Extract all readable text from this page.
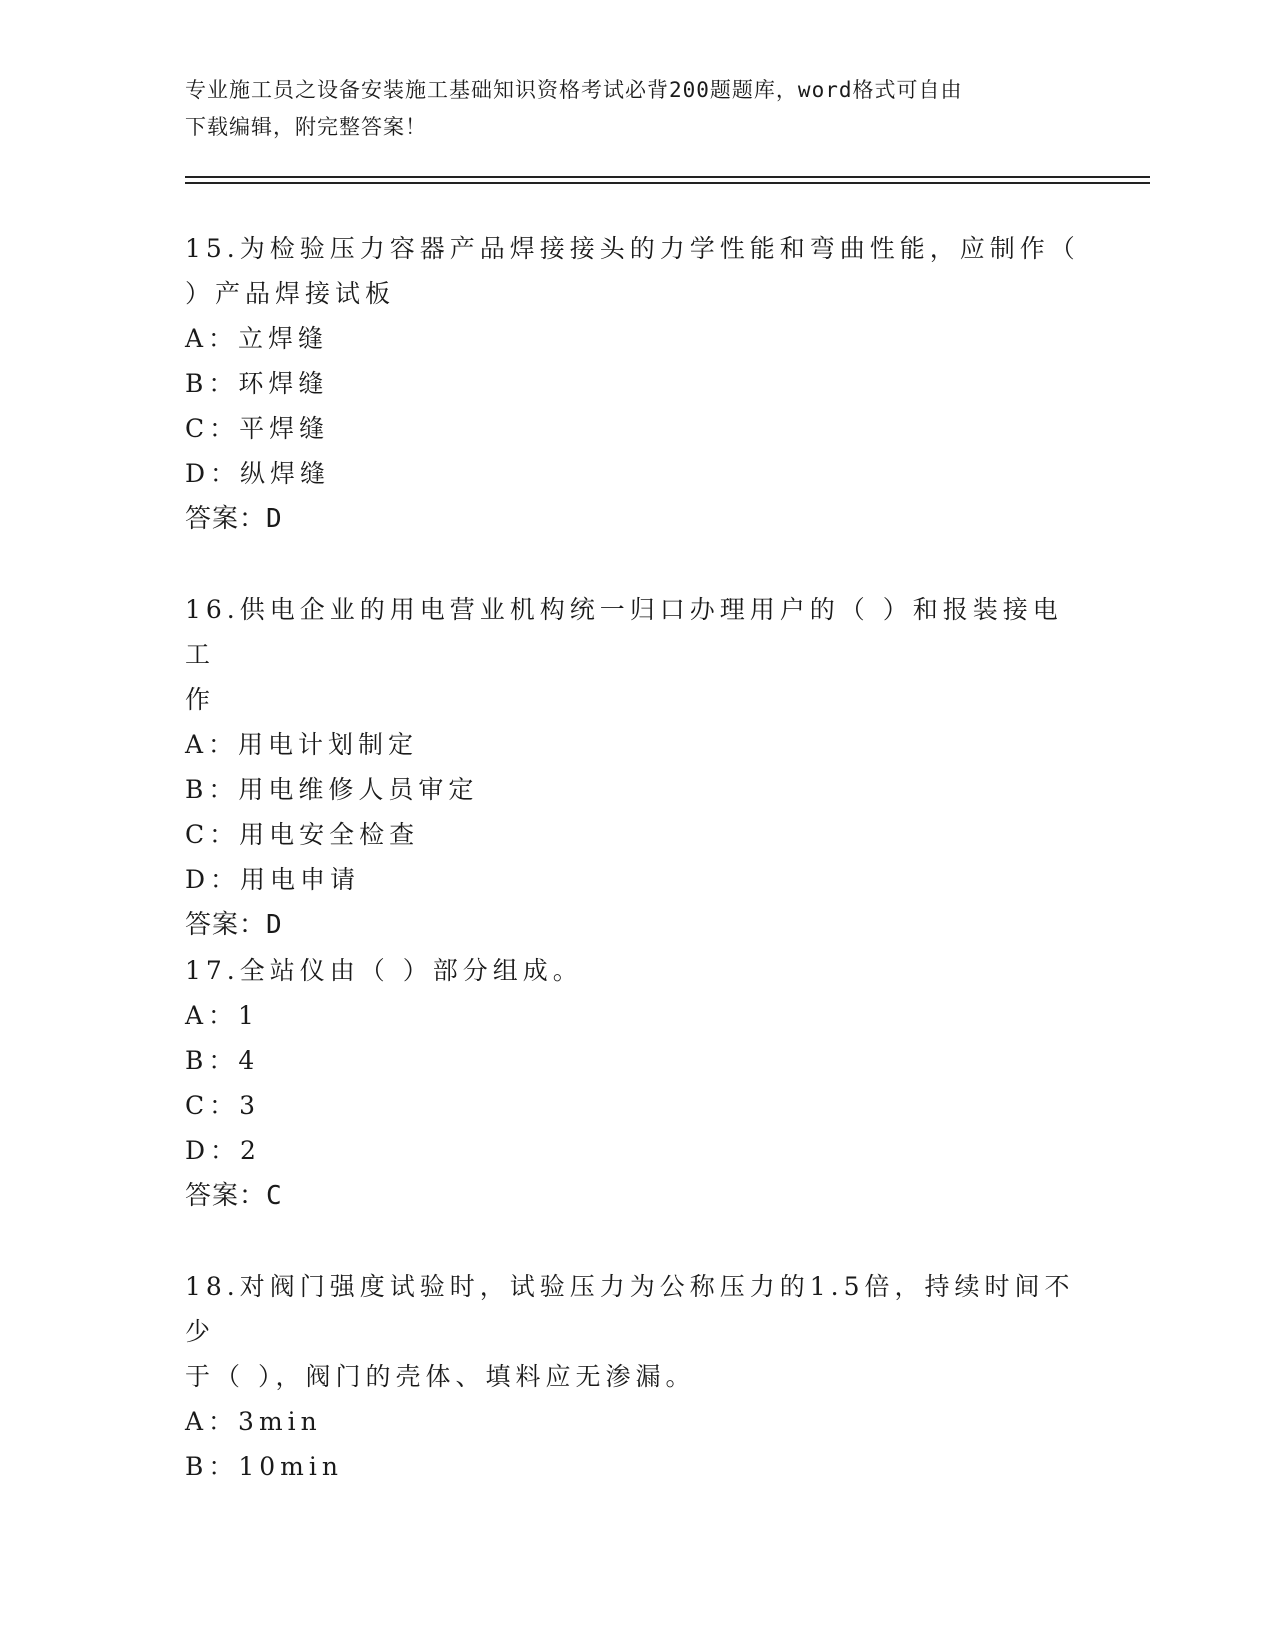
专业施工员之设备安装施工基础知识资格考试必背200题题库，word格式可自由
下载编辑，附完整答案！

15.为检验压力容器产品焊接接头的力学性能和弯曲性能，应制作（

）产品焊接试板

A：立焊缝

B：环焊缝

C：平焊缝

D：纵焊缝

答案：D

16.供电企业的用电营业机构统一归口办理用户的（ ）和报装接电工

作

A：用电计划制定

B：用电维修人员审定

C：用电安全检查

D：用电申请

答案：D

17.全站仪由（ ）部分组成。

A：1

B：4

C：3

D：2

答案：C

18.对阀门强度试验时，试验压力为公称压力的1.5倍，持续时间不少

于（ ），阀门的壳体、填料应无渗漏。

A：3min

B：10min
